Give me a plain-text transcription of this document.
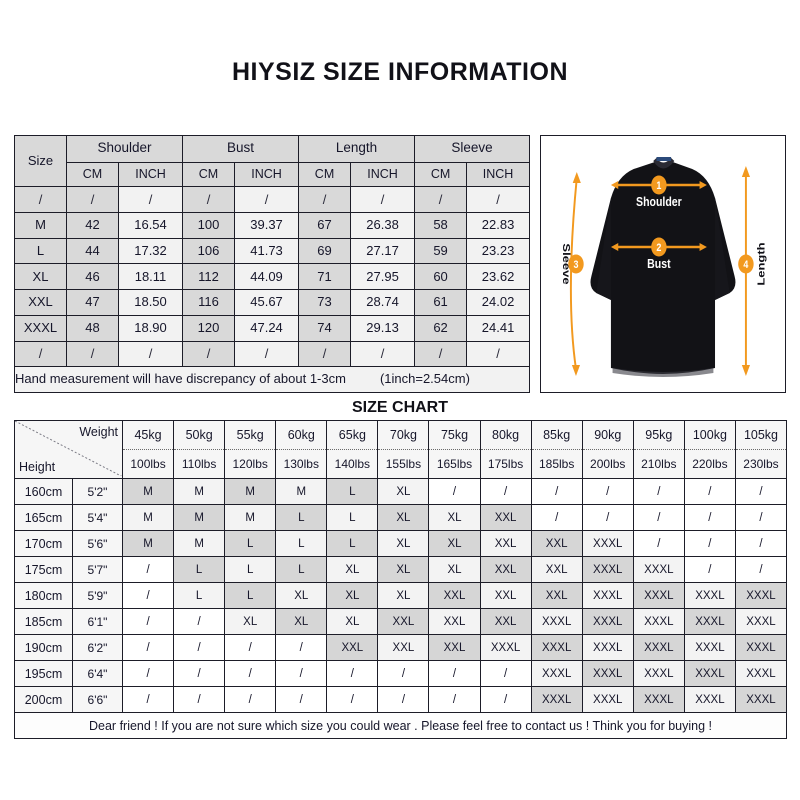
HIYSIZ SIZE INFORMATION
Size	Shoulder		Bust		Length		Sleeve	
	CM	INCH	CM	INCH	CM	INCH	CM	INCH
/	/	/	/	/	/	/	/	/
M	42	16.54	100	39.37	67	26.38	58	22.83
L	44	17.32	106	41.73	69	27.17	59	23.23
XL	46	18.11	112	44.09	71	27.95	60	23.62
XXL	47	18.50	116	45.67	73	28.74	61	24.02
XXXL	48	18.90	120	47.24	74	29.13	62	24.41
/	/	/	/	/	/	/	/	/

Hand measurement will have discrepancy of about 1-3cm (1inch=2.54cm)								
1
Shoulder
2
Bust
3
Sleeve	4 Length
SIZE CHART
Weight
Height		45kg	50kg	55kg	60kg	65kg	70kg	75kg	80kg	85kg	90kg	95kg	100kg	105kg
		100lbs	110lbs	120lbs	130lbs	140lbs	155lbs	165lbs	175lbs	185lbs	200lbs	210lbs	220lbs	230lbs
160cm	5'2"	M	M	M	M	L	XL	/	/	/	/	/	/	/
165cm	5'4"	M	M	M	L	L	XL	XL	XXL	/	/	/	/	/
170cm	5'6"	M	M	L	L	L	XL	XL	XXL	XXL	XXXL	/	/	/
175cm	5'7"	/	L	L	L	XL	XL	XL	XXL	XXL	XXXL	XXXL	/	/
180cm	5'9"	/	L	L	XL	XL	XL	XXL	XXL	XXL	XXXL	XXXL	XXXL	XXXL
185cm	6'1"	/	/	XL	XL	XL	XXL	XXL	XXL	XXXL	XXXL	XXXL	XXXL	XXXL
190cm	6'2"	/	/	/	/	XXL	XXL	XXL	XXXL	XXXL	XXXL	XXXL	XXXL	XXXL
195cm	6'4"	/	/	/	/	/	/	/	/	XXXL	XXXL	XXXL	XXXL	XXXL
200cm	6'6"	/	/	/	/	/	/	/	/	XXXL	XXXL	XXXL	XXXL	XXXL
Dear friend ! If you are not sure which size you could wear . Please feel free to contact us ! Think you for buying !														
